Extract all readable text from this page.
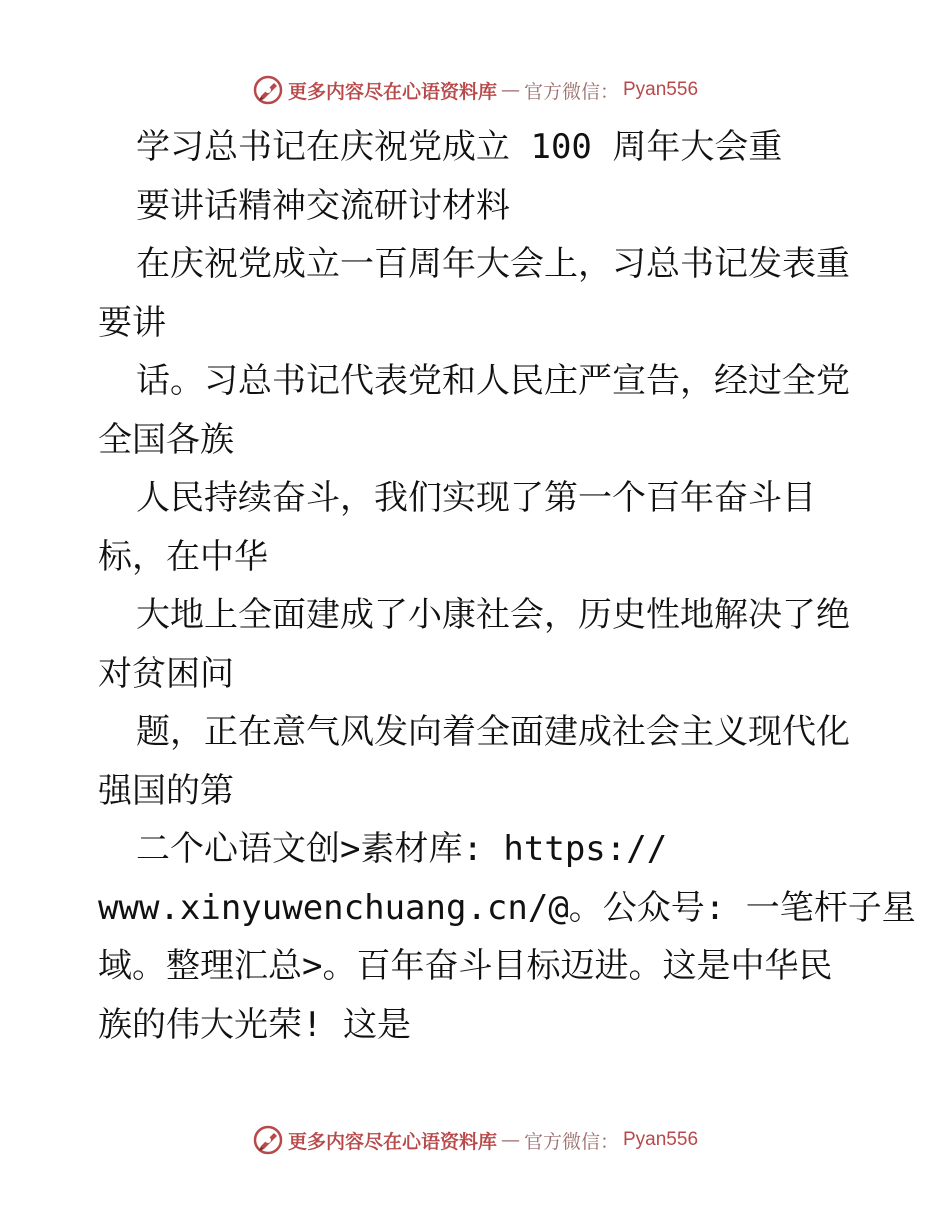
更多内容尽在心语资料库 — 官方微信： Pyan556
学习总书记在庆祝党成立 100 周年大会重
要讲话精神交流研讨材料
在庆祝党成立一百周年大会上，习总书记发表重
要讲
话。习总书记代表党和人民庄严宣告，经过全党
全国各族
人民持续奋斗，我们实现了第一个百年奋斗目
标，在中华
大地上全面建成了小康社会，历史性地解决了绝
对贫困问
题，正在意气风发向着全面建成社会主义现代化
强国的第
二个心语文创>素材库: https://
www.xinyuwenchuang.cn/@。公众号: 一笔杆子星
域。整理汇总>。百年奋斗目标迈进。这是中华民
族的伟大光荣! 这是
更多内容尽在心语资料库 — 官方微信： Pyan556
